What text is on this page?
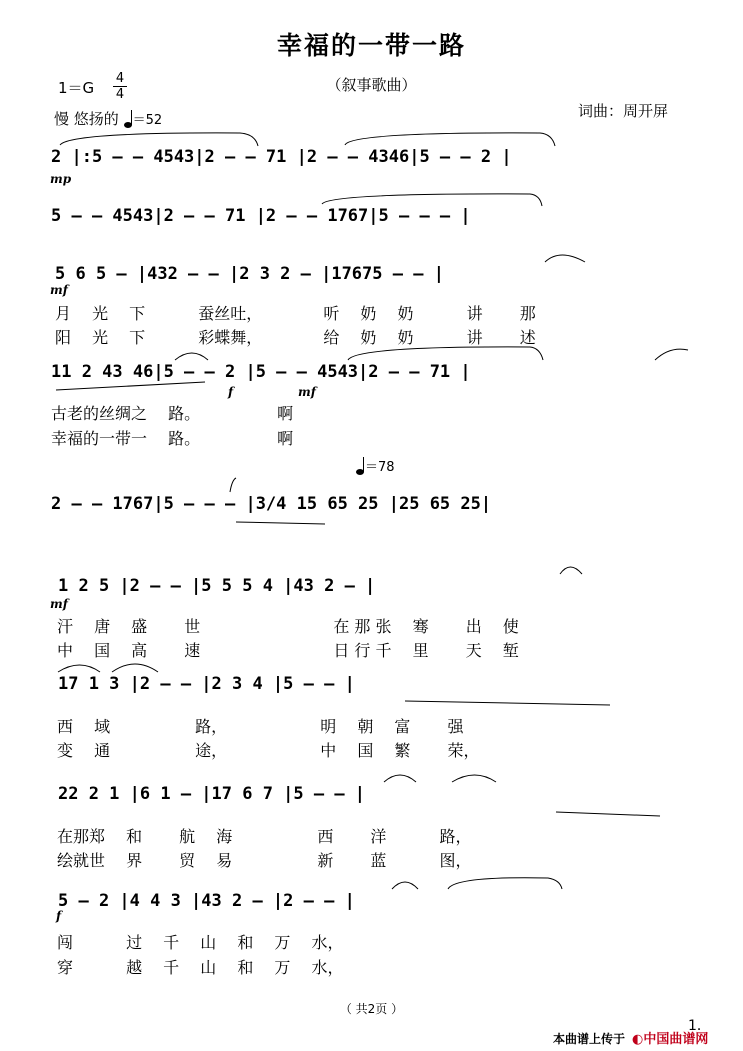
幸福的一带一路
（叙事歌曲）
1＝G
4
4
慢 悠扬的 ＝52
词曲：周开屏
2 |:5 – – 4543|2 – – 71 |2 – – 4346|5 – – 2 |
mp
5 – – 4543|2 – – 71 |2 – – 1767|5 – – – |
5 6 5 – |432 – – |2 3 2 – |17675 – – |
mf
月　 光　 下　　　 蚕丝吐，　　　　 听　 奶　 奶　　　 讲　　 那
阳　 光　 下　　　 彩蝶舞，　　　　 给　 奶　 奶　　　 讲　　 述
11 2 43 46|5 – – 2 |5 – – 4543|2 – – 71 |
f	mf
古老的丝绸之　 路。　　　　　 啊
幸福的一带一　 路。　　　　　 啊
＝78
2 – – 1767|5 – – – |3/4 15 65 25 |25 65 25|
1 2 5 |2 – – |5 5 5 4 |43 2 – |
mf
汗　 唐　 盛　　 世　　　　　　　　 在 那 张　 骞　　 出　 使
中　 国　 高　　 速　　　　　　　　 日 行 千　 里　　 天　 堑
17 1 3 |2 – – |2 3 4 |5 – – |
西　 域　　　　　 路，　　　　　　 明　 朝　 富　　 强
变　 通　　　　　 途，　　　　　　 中　 国　 繁　　 荣，
22 2 1 |6 1 – |17 6 7 |5 – – |
在那郑　 和　　 航　 海　　　　　 西　　 洋　　　 路，
绘就世　 界　　 贸　 易　　　　　 新　　 蓝　　　 图，
5 – 2 |4 4 3 |43 2 – |2 – – |
f
闯　　　 过　 千　 山　 和　 万　 水，
穿　　　 越　 千　 山　 和　 万　 水，
（ 共2页 ）
1．
本曲谱上传于 ◐中国曲谱网
